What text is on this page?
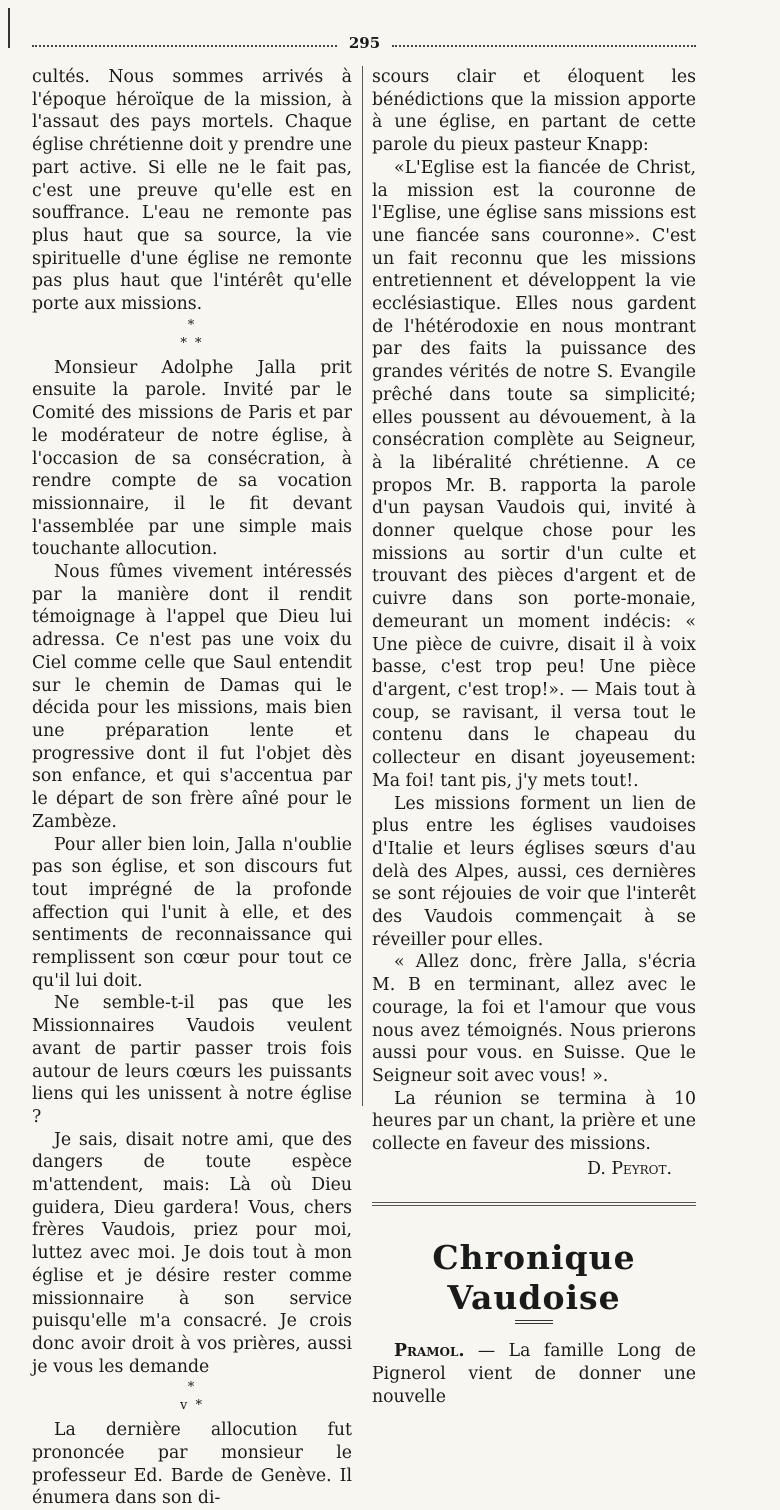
295

cultés. Nous sommes arrivés à l'époque héroïque de la mission, à l'assaut des pays mortels. Chaque église chrétienne doit y prendre une part active. Si elle ne le fait pas, c'est une preuve qu'elle est en souffrance. L'eau ne remonte pas plus haut que sa source, la vie spirituelle d'une église ne remonte pas plus haut que l'intérêt qu'elle porte aux missions.

*
* *

Monsieur Adolphe Jalla prit ensuite la parole. Invité par le Comité des missions de Paris et par le modérateur de notre église, à l'occasion de sa consécration, à rendre compte de sa vocation missionnaire, il le fit devant l'assemblée par une simple mais touchante allocution.

Nous fûmes vivement intéressés par la manière dont il rendit témoignage à l'appel que Dieu lui adressa. Ce n'est pas une voix du Ciel comme celle que Saul entendit sur le chemin de Damas qui le décida pour les missions, mais bien une préparation lente et progressive dont il fut l'objet dès son enfance, et qui s'accentua par le départ de son frère aîné pour le Zambèze.

Pour aller bien loin, Jalla n'oublie pas son église, et son discours fut tout imprégné de la profonde affection qui l'unit à elle, et des sentiments de reconnaissance qui remplissent son cœur pour tout ce qu'il lui doit.

Ne semble-t-il pas que les Missionnaires Vaudois veulent avant de partir passer trois fois autour de leurs cœurs les puissants liens qui les unissent à notre église ?

Je sais, disait notre ami, que des dangers de toute espèce m'attendent, mais: Là où Dieu guidera, Dieu gardera! Vous, chers frères Vaudois, priez pour moi, luttez avec moi. Je dois tout à mon église et je désire rester comme missionnaire à son service puisqu'elle m'a consacré. Je crois donc avoir droit à vos prières, aussi je vous les demande

*
v *

La dernière allocution fut prononcée par monsieur le professeur Ed. Barde de Genève. Il énumera dans son di-

scours clair et éloquent les bénédictions que la mission apporte à une église, en partant de cette parole du pieux pasteur Knapp:

«L'Eglise est la fiancée de Christ, la mission est la couronne de l'Eglise, une église sans missions est une fiancée sans couronne». C'est un fait reconnu que les missions entretiennent et développent la vie ecclésiastique. Elles nous gardent de l'hétérodoxie en nous montrant par des faits la puissance des grandes vérités de notre S. Evangile prêché dans toute sa simplicité; elles poussent au dévouement, à la consécration complète au Seigneur, à la libéralité chrétienne. A ce propos Mr. B. rapporta la parole d'un paysan Vaudois qui, invité à donner quelque chose pour les missions au sortir d'un culte et trouvant des pièces d'argent et de cuivre dans son porte-monaie, demeurant un moment indécis: « Une pièce de cuivre, disait il à voix basse, c'est trop peu! Une pièce d'argent, c'est trop!». — Mais tout à coup, se ravisant, il versa tout le contenu dans le chapeau du collecteur en disant joyeusement: Ma foi! tant pis, j'y mets tout!.

Les missions forment un lien de plus entre les églises vaudoises d'Italie et leurs églises sœurs d'au delà des Alpes, aussi, ces dernières se sont réjouies de voir que l'interêt des Vaudois commençait à se réveiller pour elles.

« Allez donc, frère Jalla, s'écria M. B en terminant, allez avec le courage, la foi et l'amour que vous nous avez témoignés. Nous prierons aussi pour vous. en Suisse. Que le Seigneur soit avec vous! ».

La réunion se termina à 10 heures par un chant, la prière et une collecte en faveur des missions.

D. Peyrot.
Chronique Vaudoise

Pramol. — La famille Long de Pignerol vient de donner une nouvelle
